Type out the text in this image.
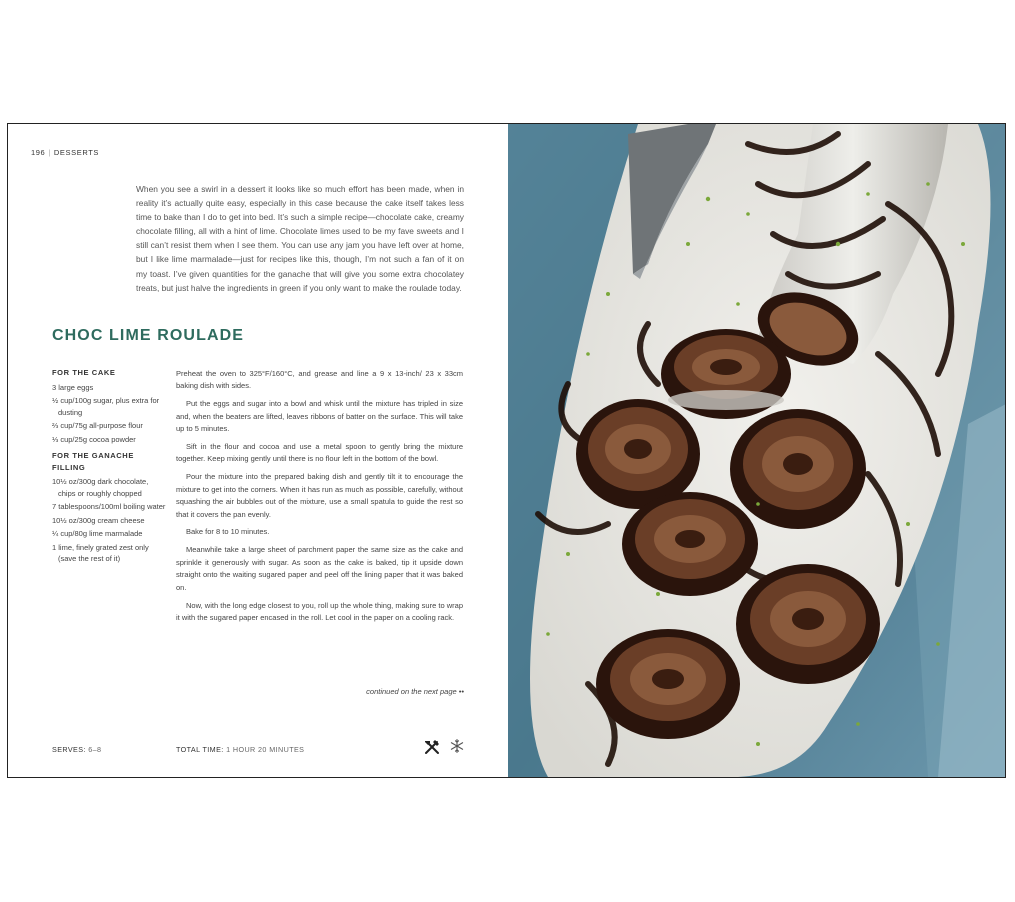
196 | DESSERTS
When you see a swirl in a dessert it looks like so much effort has been made, when in reality it’s actually quite easy, especially in this case because the cake itself takes less time to bake than I do to get into bed. It’s such a simple recipe—chocolate cake, creamy chocolate filling, all with a hint of lime. Chocolate limes used to be my fave sweets and I still can’t resist them when I see them. You can use any jam you have left over at home, but I like lime marmalade—just for recipes like this, though, I’m not such a fan of it on my toast. I’ve given quantities for the ganache that will give you some extra chocolatey treats, but just halve the ingredients in green if you only want to make the roulade today.
CHOC LIME ROULADE
FOR THE CAKE
3 large eggs
½ cup/100g sugar, plus extra for dusting
⅔ cup/75g all-purpose flour
⅓ cup/25g cocoa powder
FOR THE GANACHE FILLING
10½ oz/300g dark chocolate, chips or roughly chopped
7 tablespoons/100ml boiling water
10½ oz/300g cream cheese
¼ cup/80g lime marmalade
1 lime, finely grated zest only (save the rest of it)

Preheat the oven to 325°F/160°C, and grease and line a 9 x 13-inch/ 23 x 33cm baking dish with sides.

Put the eggs and sugar into a bowl and whisk until the mixture has tripled in size and, when the beaters are lifted, leaves ribbons of batter on the surface. This will take up to 5 minutes.

Sift in the flour and cocoa and use a metal spoon to gently bring the mixture together. Keep mixing gently until there is no flour left in the bottom of the bowl.

Pour the mixture into the prepared baking dish and gently tilt it to encourage the mixture to get into the corners. When it has run as much as possible, carefully, without squashing the air bubbles out of the mixture, use a small spatula to guide the rest so that it covers the pan evenly.

Bake for 8 to 10 minutes.

Meanwhile take a large sheet of parchment paper the same size as the cake and sprinkle it generously with sugar. As soon as the cake is baked, tip it upside down straight onto the waiting sugared paper and peel off the lining paper that it was baked on.

Now, with the long edge closest to you, roll up the whole thing, making sure to wrap it with the sugared paper encased in the roll. Let cool in the paper on a cooling rack.

continued on the next page ••
SERVES: 6–8	TOTAL TIME: 1 HOUR 20 MINUTES
